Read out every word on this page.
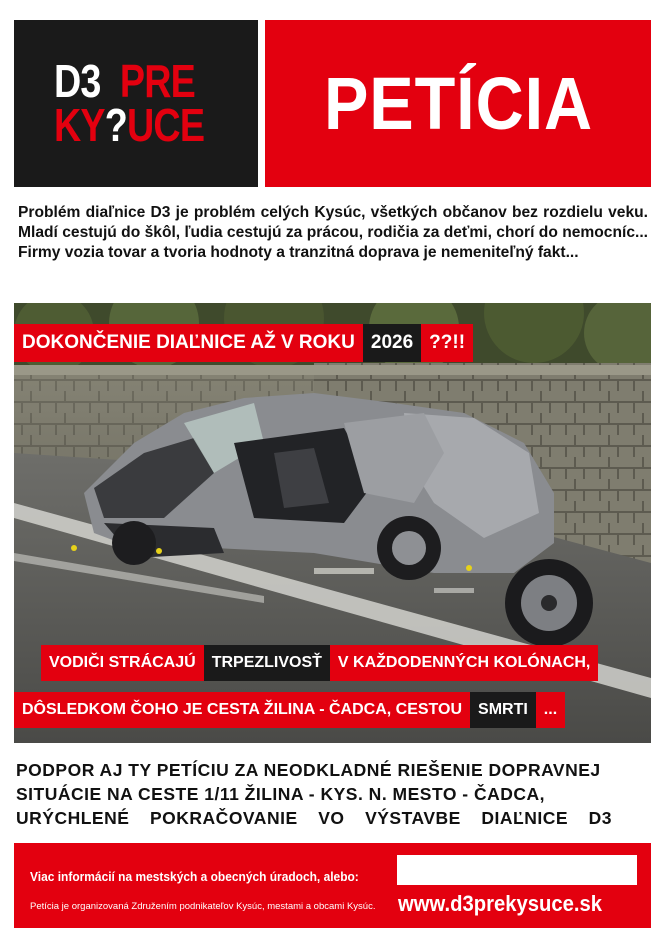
D3 PRE
KY?UCE PETÍCIA
Problém diaľnice D3 je problém celých Kysúc, všetkých občanov bez rozdielu veku. Mladí cestujú do škôl, ľudia cestujú za prácou, rodičia za deťmi, chorí do nemocníc... Firmy vozia tovar a tvoria hodnoty a tranzitná doprava je nemeniteľný fakt...
DOKONČENIE DIAĽNICE AŽ V ROKU 2026 ??!!
VODIČI STRÁCAJÚ	TRPEZLIVOSŤ	V KAŽDODENNÝCH KOLÓNACH,
DÔSLEDKOM ČOHO JE CESTA ŽILINA - ČADCA, CESTOU	SMRTI	...
PODPOR AJ TY PETÍCIU ZA NEODKLADNÉ RIEŠENIE DOPRAVNEJ
SITUÁCIE NA CESTE 1/11 ŽILINA - KYS. N. MESTO - ČADCA,
URÝCHLENÉ POKRAČOVANIE VO VÝSTAVBE DIAĽNICE D3
Viac informácií na mestských a obecných úradoch, alebo:
Petícia je organizovaná Združením podnikateľov Kysúc, mestami a obcami Kysúc. www.d3prekysuce.sk
